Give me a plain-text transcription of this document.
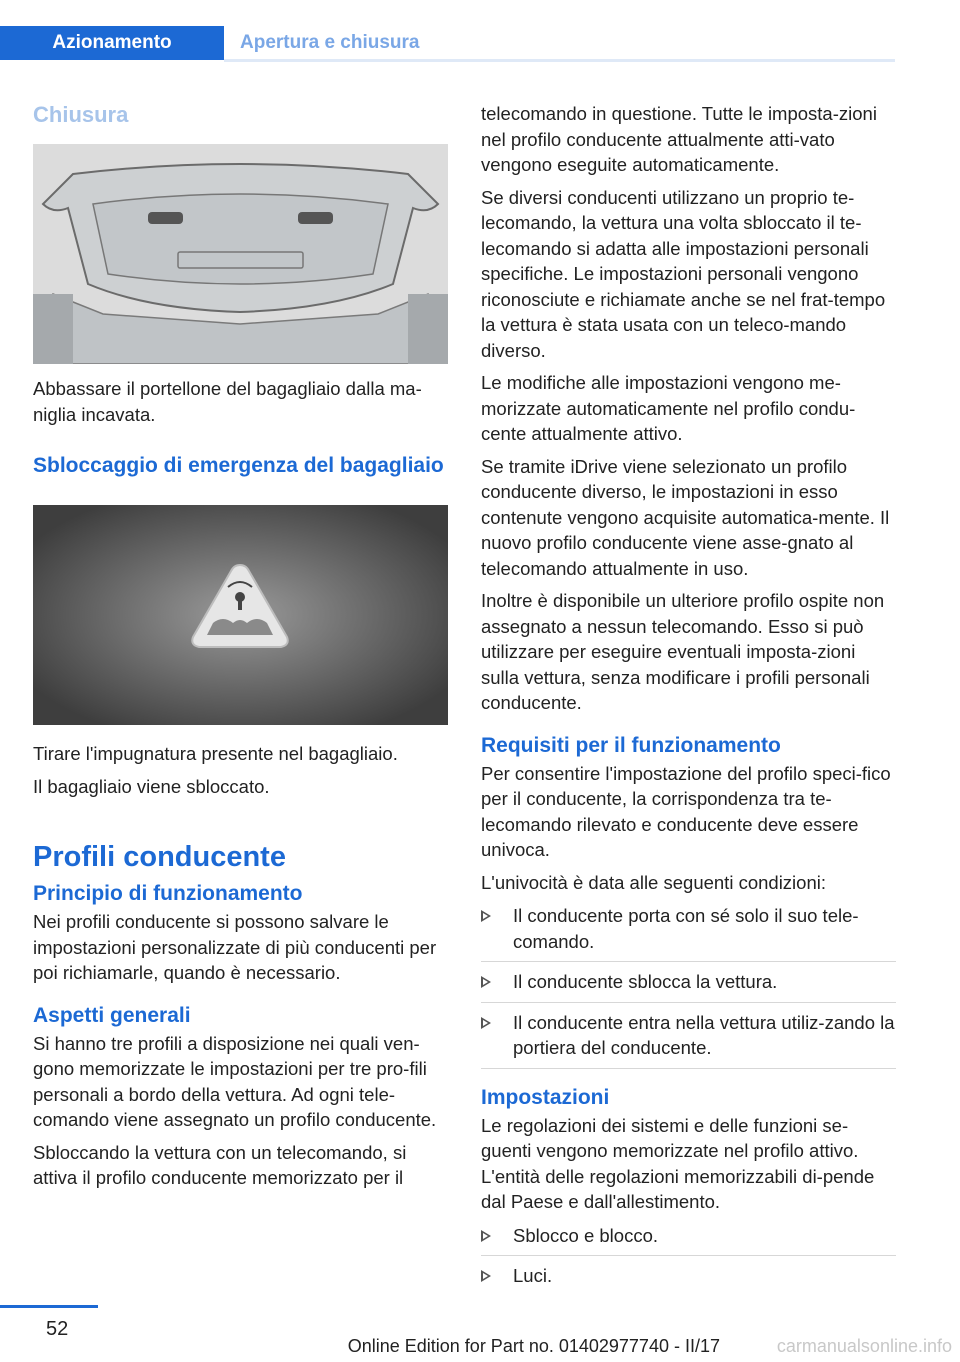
Azionamento	Apertura e chiusura
Chiusura

Abbassare il portellone del bagagliaio dalla ma-niglia incavata.

Sbloccaggio di emergenza del bagagliaio

Tirare l'impugnatura presente nel bagagliaio.

Il bagagliaio viene sbloccato.

Profili conducente
Principio di funzionamento

Nei profili conducente si possono salvare le impostazioni personalizzate di più conducenti per poi richiamarle, quando è necessario.

Aspetti generali

Si hanno tre profili a disposizione nei quali ven-gono memorizzate le impostazioni per tre pro-fili personali a bordo della vettura. Ad ogni tele-comando viene assegnato un profilo conducente.

Sbloccando la vettura con un telecomando, si attiva il profilo conducente memorizzato per il

telecomando in questione. Tutte le imposta-zioni nel profilo conducente attualmente atti-vato vengono eseguite automaticamente.

Se diversi conducenti utilizzano un proprio te-lecomando, la vettura una volta sbloccato il te-lecomando si adatta alle impostazioni personali specifiche. Le impostazioni personali vengono riconosciute e richiamate anche se nel frat-tempo la vettura è stata usata con un teleco-mando diverso.

Le modifiche alle impostazioni vengono me-morizzate automaticamente nel profilo condu-cente attualmente attivo.

Se tramite iDrive viene selezionato un profilo conducente diverso, le impostazioni in esso contenute vengono acquisite automatica-mente. Il nuovo profilo conducente viene asse-gnato al telecomando attualmente in uso.

Inoltre è disponibile un ulteriore profilo ospite non assegnato a nessun telecomando. Esso si può utilizzare per eseguire eventuali imposta-zioni sulla vettura, senza modificare i profili personali conducente.

Requisiti per il funzionamento

Per consentire l'impostazione del profilo speci-fico per il conducente, la corrispondenza tra te-lecomando rilevato e conducente deve essere univoca.

L'univocità è data alle seguenti condizioni:

Il conducente porta con sé solo il suo tele-comando.
Il conducente sblocca la vettura.
Il conducente entra nella vettura utiliz-zando la portiera del conducente.
Impostazioni

Le regolazioni dei sistemi e delle funzioni se-guenti vengono memorizzate nel profilo attivo. L'entità delle regolazioni memorizzabili di-pende dal Paese e dall'allestimento.

Sblocco e blocco.
Luci.
52
Online Edition for Part no. 01402977740 - II/17	carmanualsonline.info
